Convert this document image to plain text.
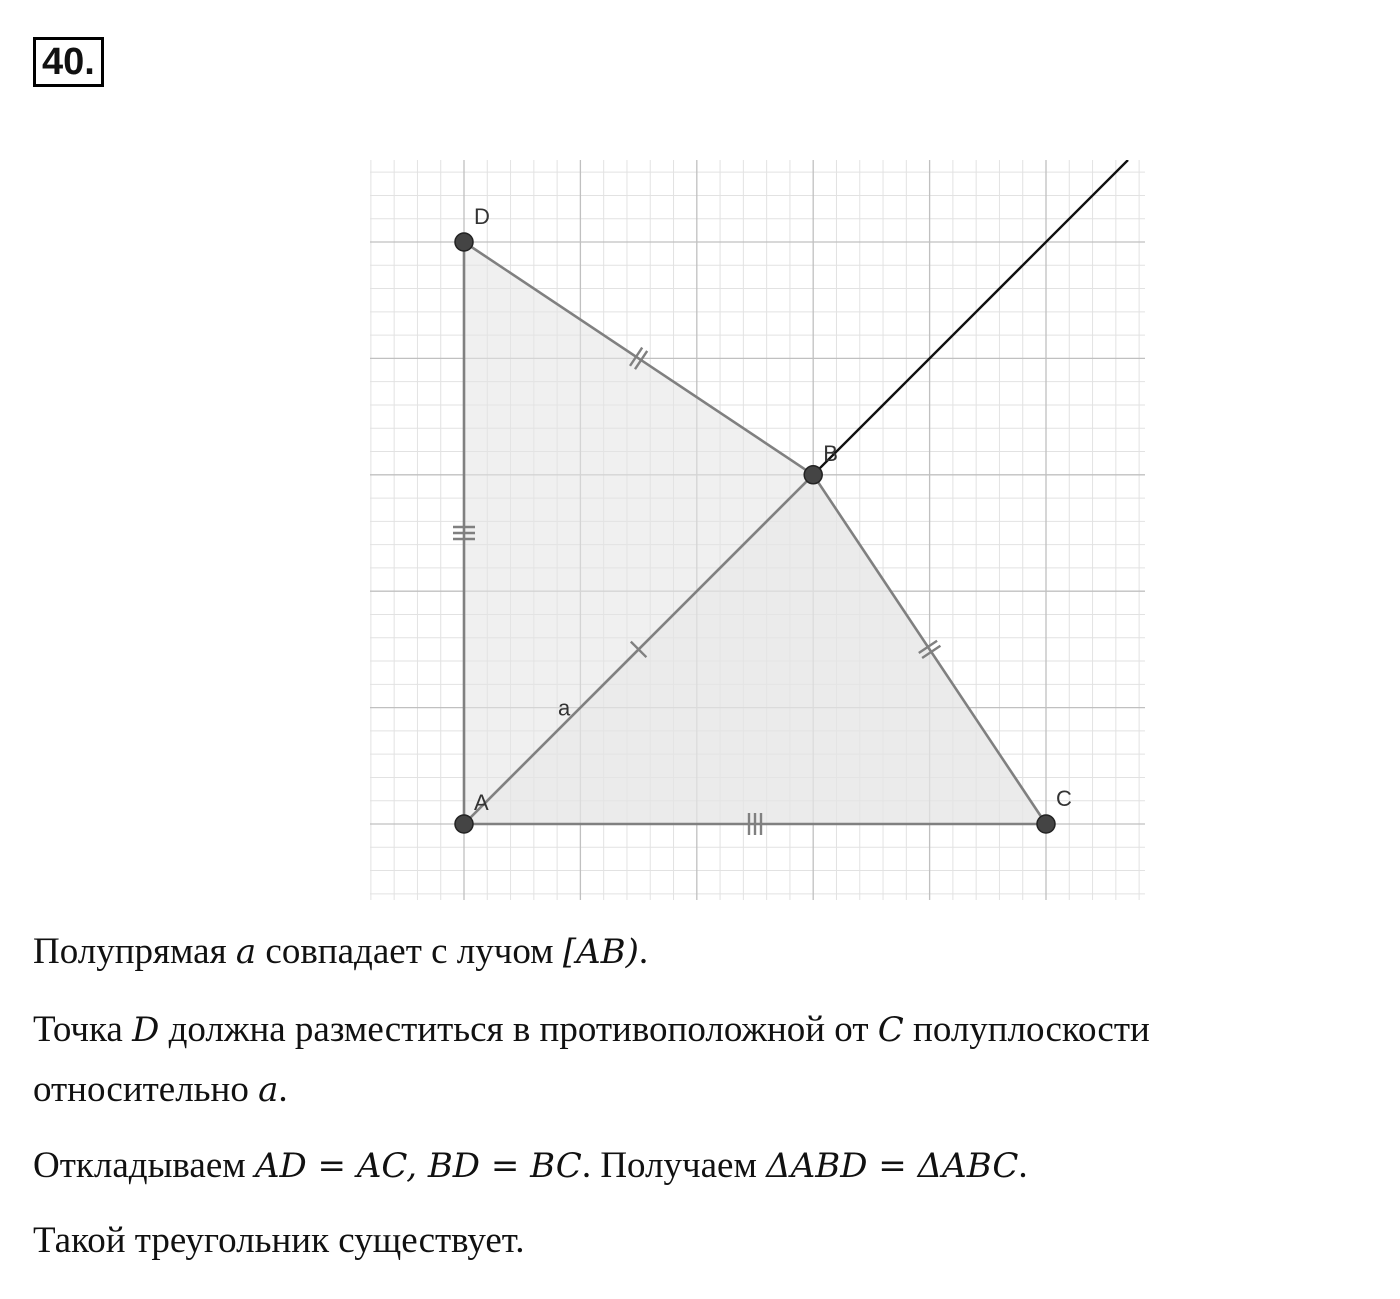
40.
A
B
C
D
a
Полупрямая a совпадает с лучом [AB).
Точка D должна разместиться в противоположной от C полуплоскости относительно a.
Откладываем AD = AC, BD = BC. Получаем ΔABD = ΔABC.
Такой треугольник существует.
